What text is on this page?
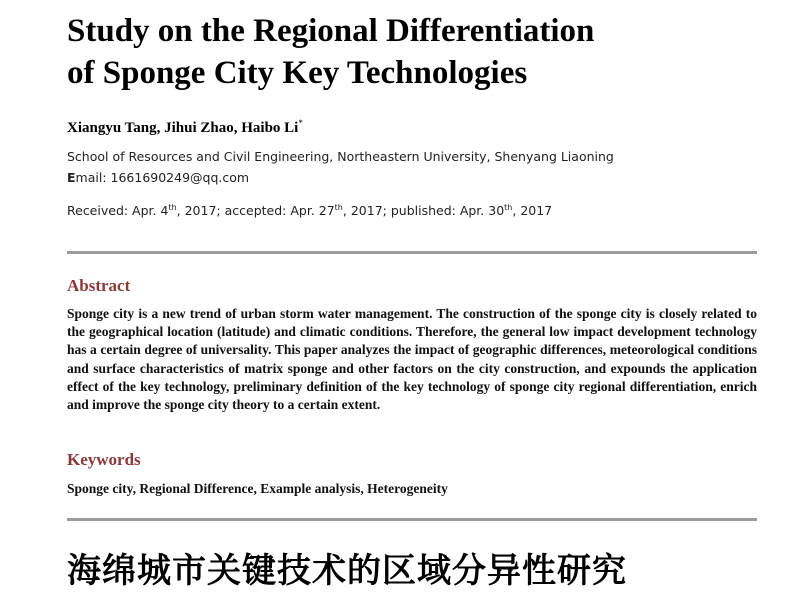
Study on the Regional Differentiation
of Sponge City Key Technologies
Xiangyu Tang, Jihui Zhao, Haibo Li*
School of Resources and Civil Engineering, Northeastern University, Shenyang Liaoning
Email: 1661690249@qq.com
Received: Apr. 4th, 2017; accepted: Apr. 27th, 2017; published: Apr. 30th, 2017
Abstract

Sponge city is a new trend of urban storm water management. The construction of the sponge city is closely related to the geographical location (latitude) and climatic conditions. Therefore, the general low impact development technology has a certain degree of universality. This paper analyzes the impact of geographic differences, meteorological conditions and surface characteristics of matrix sponge and other factors on the city construction, and expounds the application effect of the key technology, preliminary definition of the key technology of sponge city regional differentiation, enrich and improve the sponge city theory to a certain extent.

Keywords
Sponge city, Regional Difference, Example analysis, Heterogeneity
海绵城市关键技术的区域分异性研究
